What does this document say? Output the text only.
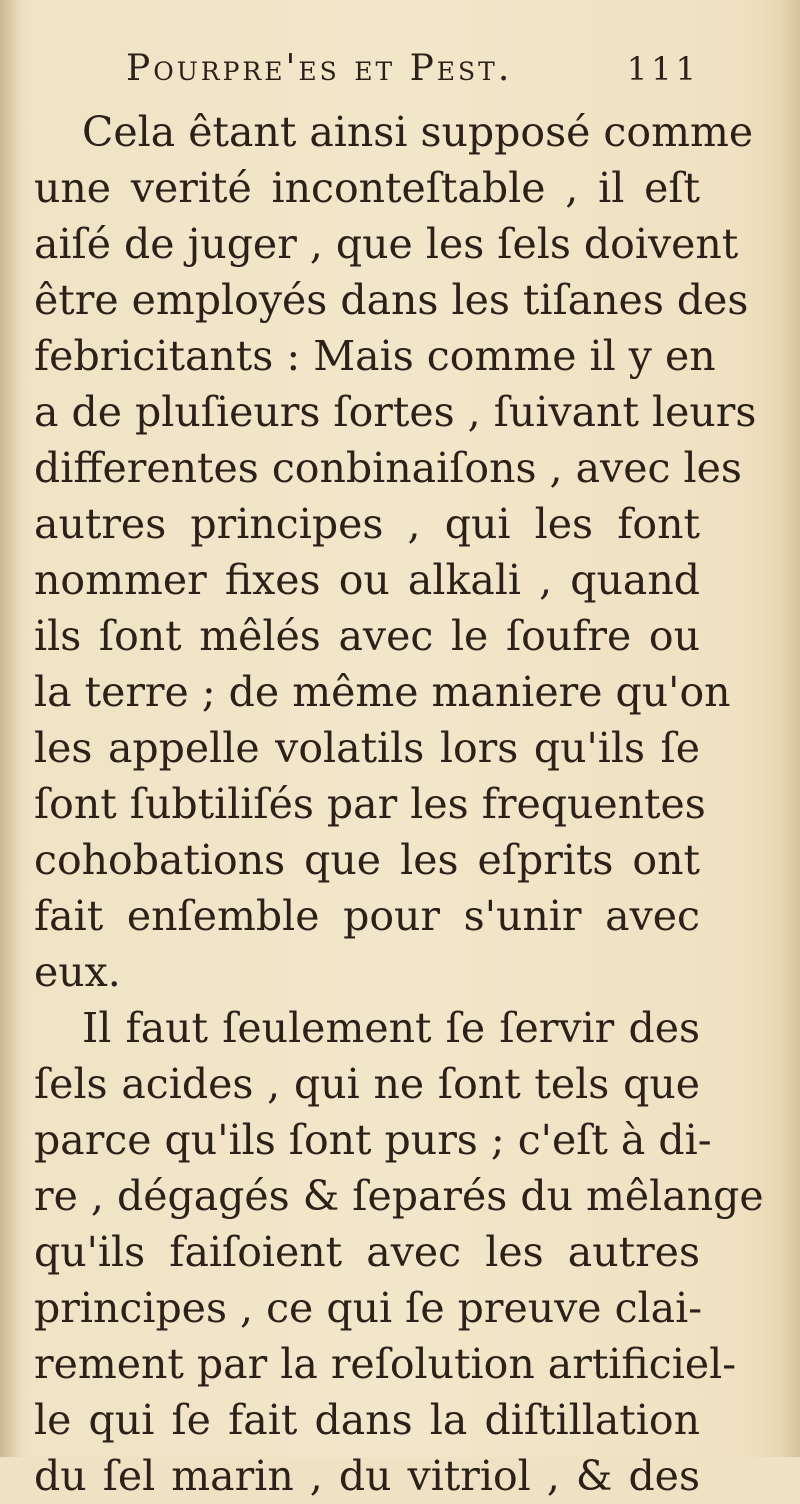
Pourpre'es et Pest.	111
Cela êtant ainsi supposé comme
une verité inconteſtable , il eſt
aiſé de juger , que les ſels doivent
être employés dans les tiſanes des
febricitants : Mais comme il y en
a de pluſieurs ſortes , ſuivant leurs
differentes conbinaiſons , avec les
autres principes , qui les font
nommer fixes ou alkali , quand
ils ſont mêlés avec le ſoufre ou
la terre ; de même maniere qu'on
les appelle volatils lors qu'ils ſe
ſont ſubtiliſés par les frequentes
cohobations que les eſprits ont
fait enſemble pour s'unir avec
eux.
Il faut ſeulement ſe ſervir des
ſels acides , qui ne ſont tels que
parce qu'ils ſont purs ; c'eſt à di-
re , dégagés & ſeparés du mêlange
qu'ils faiſoient avec les autres
principes , ce qui ſe preuve clai-
rement par la reſolution artificiel-
le qui ſe fait dans la diſtillation
du ſel marin , du vitriol , & des
